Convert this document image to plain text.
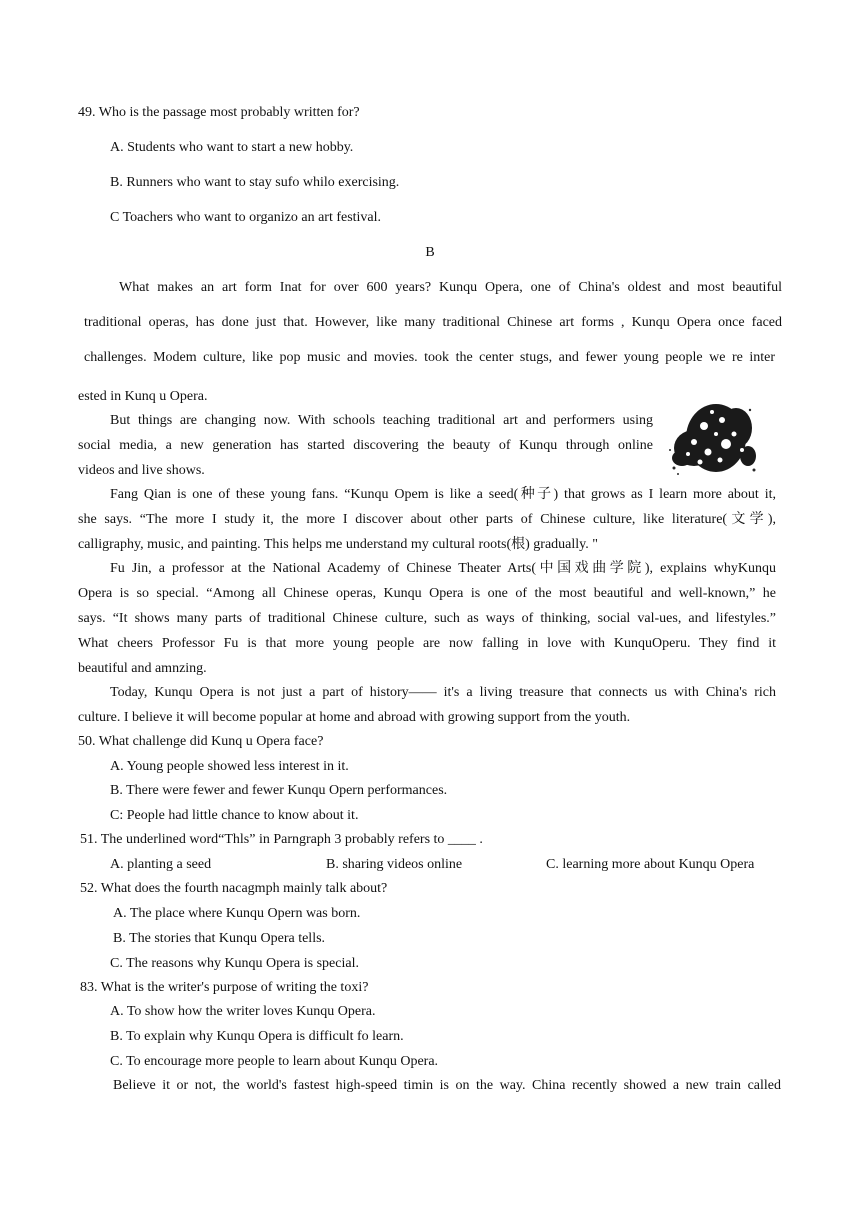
49. Who is the passage most probably written for?
A. Students who want to start a new hobby.
B. Runners who want to stay sufo whilo exercising.
C Toachers who want to organizo an art festival.
B
What makes an art form Inat for over 600 years? Kunqu Opera, one of China's oldest and most beautiful
traditional operas, has done just that. However, like many traditional Chinese art forms , Kunqu Opera once faced
challenges. Modem culture, like pop music and movies. took the center stugs, and fewer young people we re inter
ested in Kunq u Opera.
But things are changing now. With schools teaching traditional art and performers using
social media, a new generation has started discovering the beauty of Kunqu through online
videos and live shows.
Fang Qian is one of these young fans. “Kunqu Opem is like a seed(种子) that grows as I learn more about it,
she says. “The more I study it, the more I discover about other parts of Chinese culture, like literature(文学),
calligraphy, music, and painting. This helps me understand my cultural roots(根) gradually. "
Fu Jin, a professor at the National Academy of Chinese Theater Arts(中国戏曲学院), explains whyKunqu
Opera is so special. “Among all Chinese operas, Kunqu Opera is one of the most beautiful and well-known,” he
says. “It shows many parts of traditional Chinese culture, such as ways of thinking, social val-ues, and lifestyles.”
What cheers Professor Fu is that more young people are now falling in love with KunquOperu. They find it
beautiful and amnzing.
Today, Kunqu Opera is not just a part of history—— it's a living treasure that connects us with China's rich
culture. I believe it will become popular at home and abroad with growing support from the youth.
50. What challenge did Kunq u Opera face?
A. Young people showed less interest in it.
B. There were fewer and fewer Kunqu Opern performances.
C: People had little chance to know about it.
51. The underlined word“Thls” in Parngraph 3 probably refers to ____ .
A. planting a seed	B. sharing videos online	C. learning more about Kunqu Opera
52. What does the fourth nacagmph mainly talk about?
A. The place where Kunqu Opern was born.
B. The stories that Kunqu Opera tells.
C. The reasons why Kunqu Opera is special.
83. What is the writer's purpose of writing the toxi?
A. To show how the writer loves Kunqu Opera.
B. To explain why Kunqu Opera is difficult fo learn.
C. To encourage more people to learn about Kunqu Opera.
Believe it or not, the world's fastest high-speed timin is on the way. China recently showed a new train called
